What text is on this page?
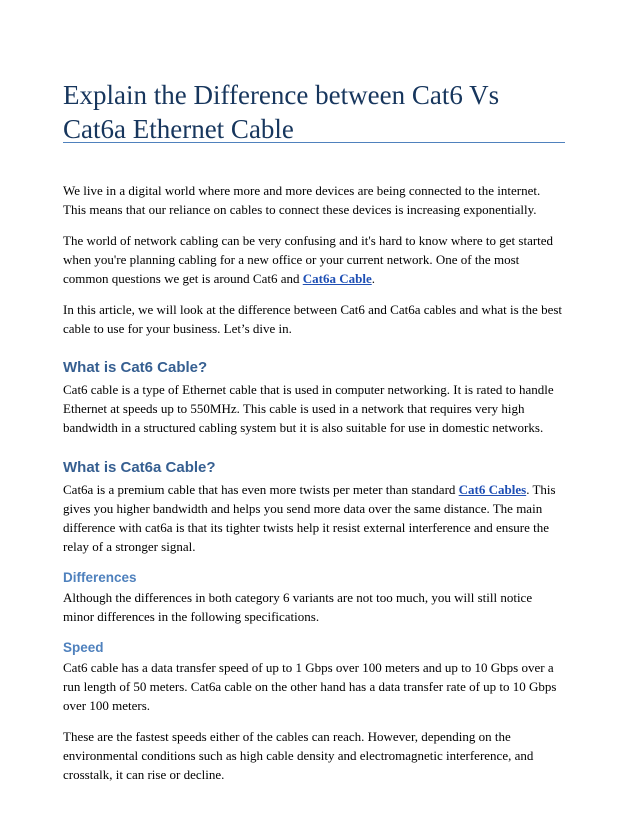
Explain the Difference between Cat6 Vs Cat6a Ethernet Cable

We live in a digital world where more and more devices are being connected to the internet. This means that our reliance on cables to connect these devices is increasing exponentially.

The world of network cabling can be very confusing and it's hard to know where to get started when you're planning cabling for a new office or your current network. One of the most common questions we get is around Cat6 and Cat6a Cable.

In this article, we will look at the difference between Cat6 and Cat6a cables and what is the best cable to use for your business. Let’s dive in.

What is Cat6 Cable?

Cat6 cable is a type of Ethernet cable that is used in computer networking. It is rated to handle Ethernet at speeds up to 550MHz. This cable is used in a network that requires very high bandwidth in a structured cabling system but it is also suitable for use in domestic networks.

What is Cat6a Cable?

Cat6a is a premium cable that has even more twists per meter than standard Cat6 Cables. This gives you higher bandwidth and helps you send more data over the same distance. The main difference with cat6a is that its tighter twists help it resist external interference and ensure the relay of a stronger signal.

Differences

Although the differences in both category 6 variants are not too much, you will still notice minor differences in the following specifications.

Speed

Cat6 cable has a data transfer speed of up to 1 Gbps over 100 meters and up to 10 Gbps over a run length of 50 meters. Cat6a cable on the other hand has a data transfer rate of up to 10 Gbps over 100 meters.

These are the fastest speeds either of the cables can reach. However, depending on the environmental conditions such as high cable density and electromagnetic interference, and crosstalk, it can rise or decline.
